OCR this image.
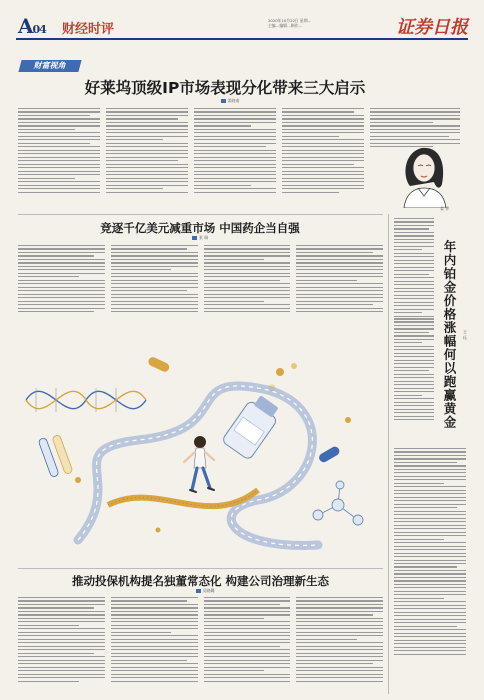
A04 财经时评
2020年10月22日 星期…
主编…编辑…制作…	证券日报
财富视角
好莱坞顶级IP市场表现分化带来三大启示
姜晓南
姜 霁
竞逐千亿美元减重市场 中国药企当自强
张 瑞
推动投保机构提名独董常态化 构建公司治理新生态
吴晓璐
年内铂金价格涨幅何以跑赢黄金 王 珏
